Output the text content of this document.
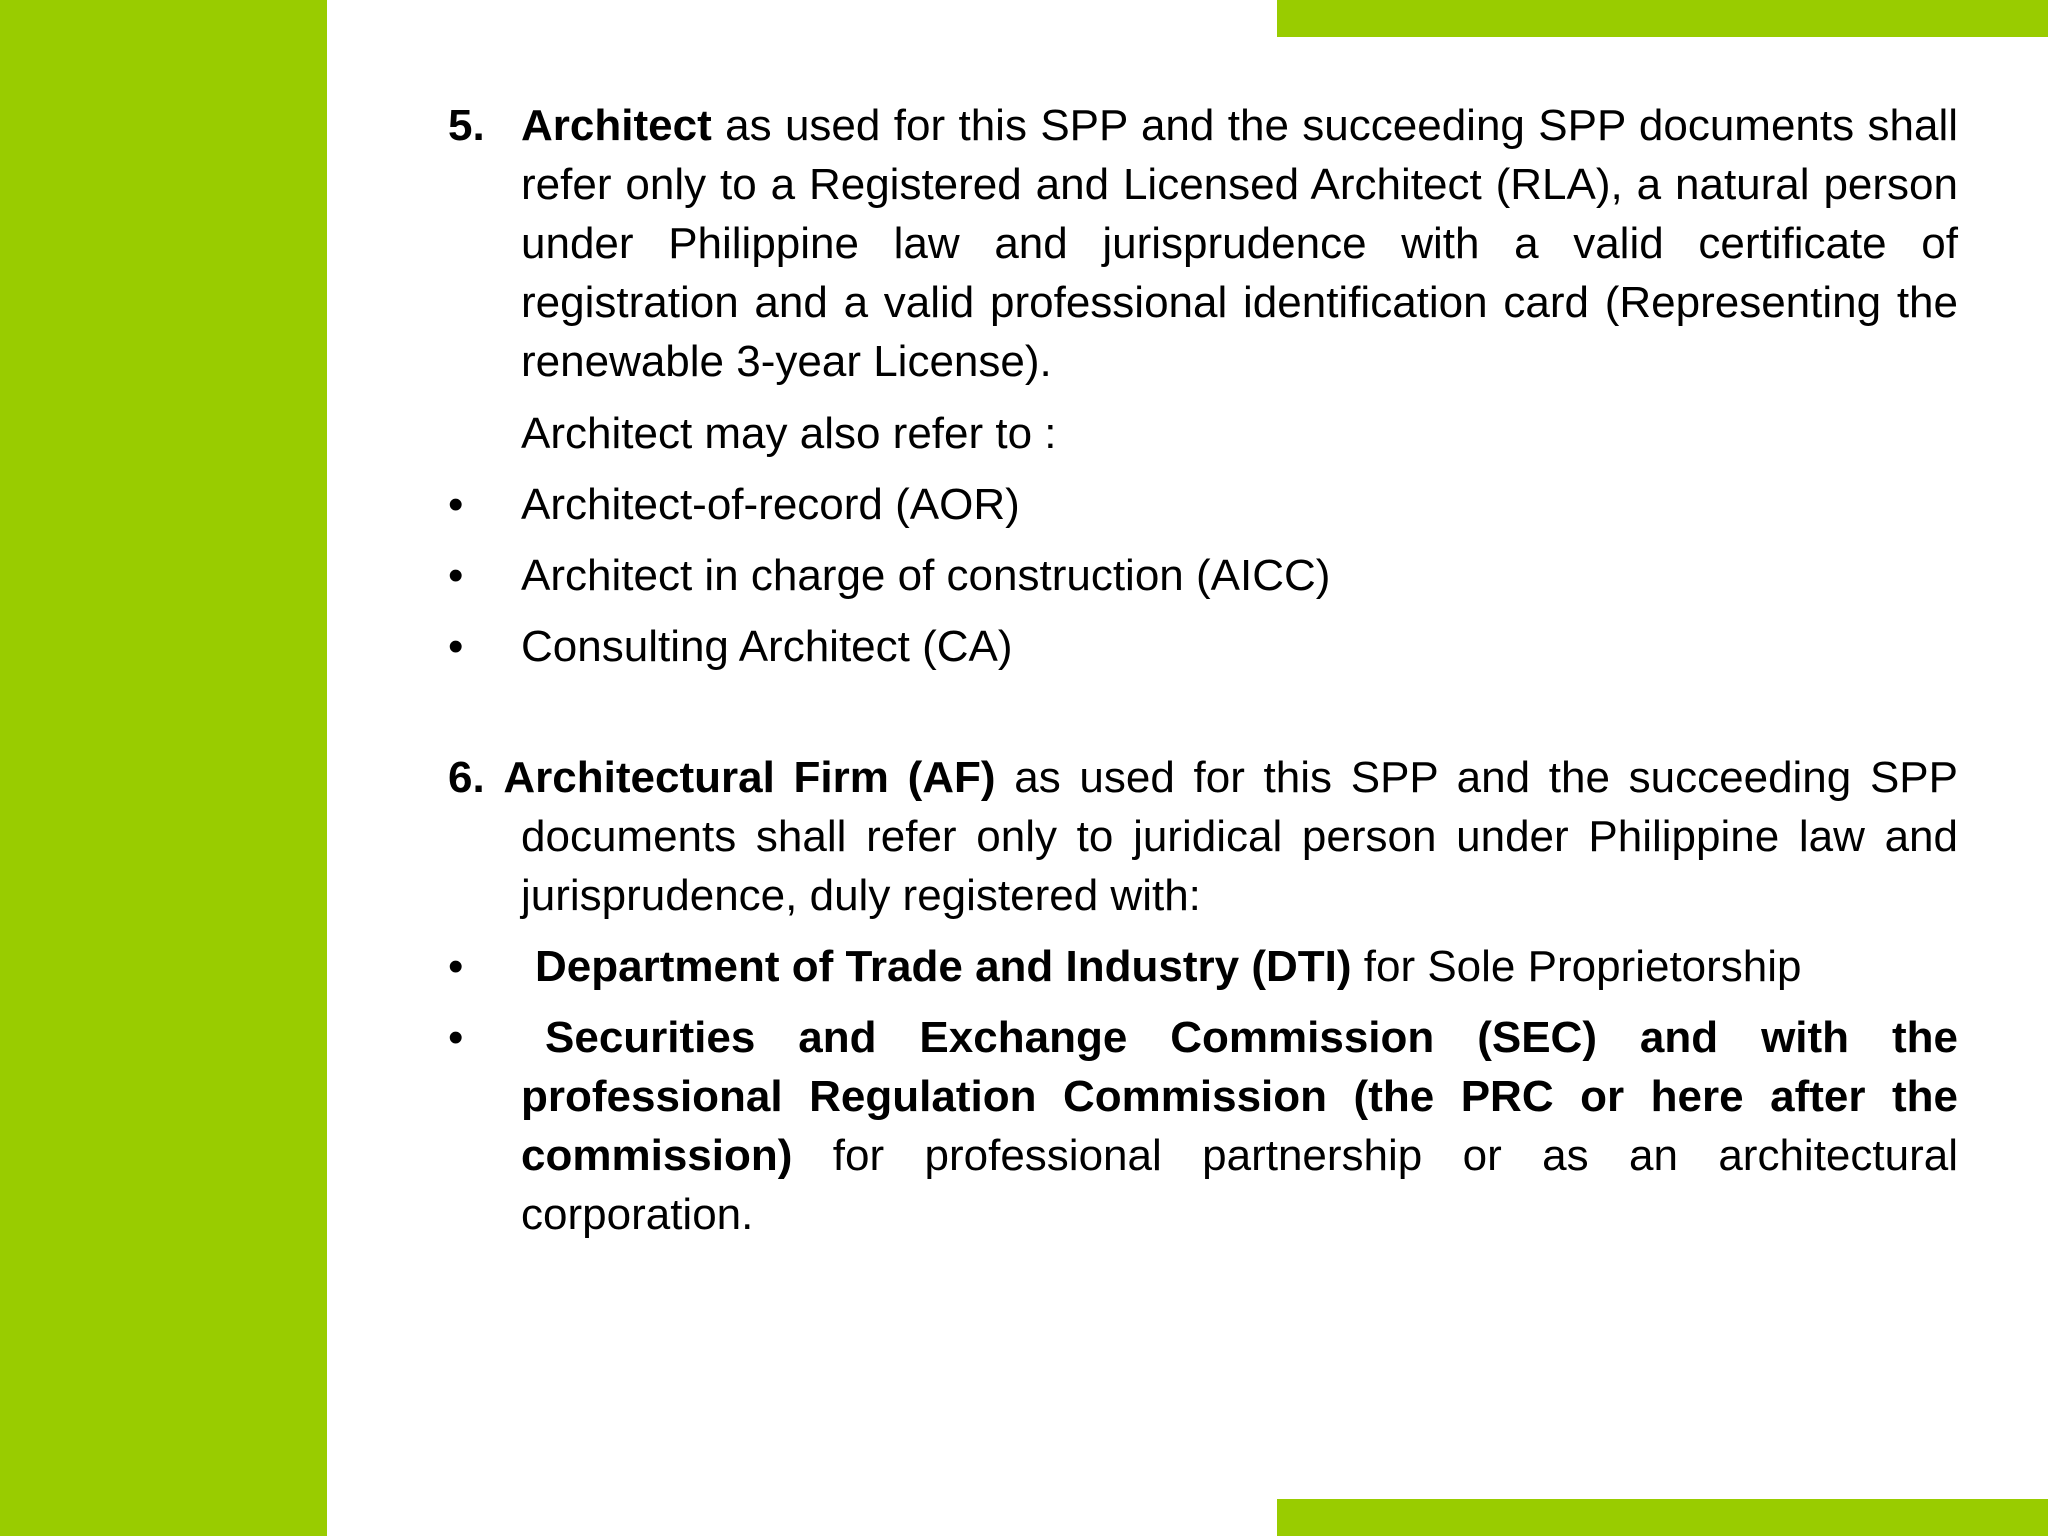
5. Architect as used for this SPP and the succeeding SPP documents shall refer only to a Registered and Licensed Architect (RLA), a natural person under Philippine law and jurisprudence with a valid certificate of registration and a valid professional identification card (Representing the renewable 3-year License).

Architect may also refer to :

•	Architect-of-record (AOR)
•	Architect in charge of construction (AICC)
•	Consulting Architect (CA)

6. Architectural Firm (AF) as used for this SPP and the succeeding SPP documents shall refer only to juridical person under Philippine law and jurisprudence, duly registered with:

•	Department of Trade and Industry (DTI) for Sole Proprietorship
•	Securities and Exchange Commission (SEC) and with the professional Regulation Commission (the PRC or here after the commission) for professional partnership or as an architectural corporation.
